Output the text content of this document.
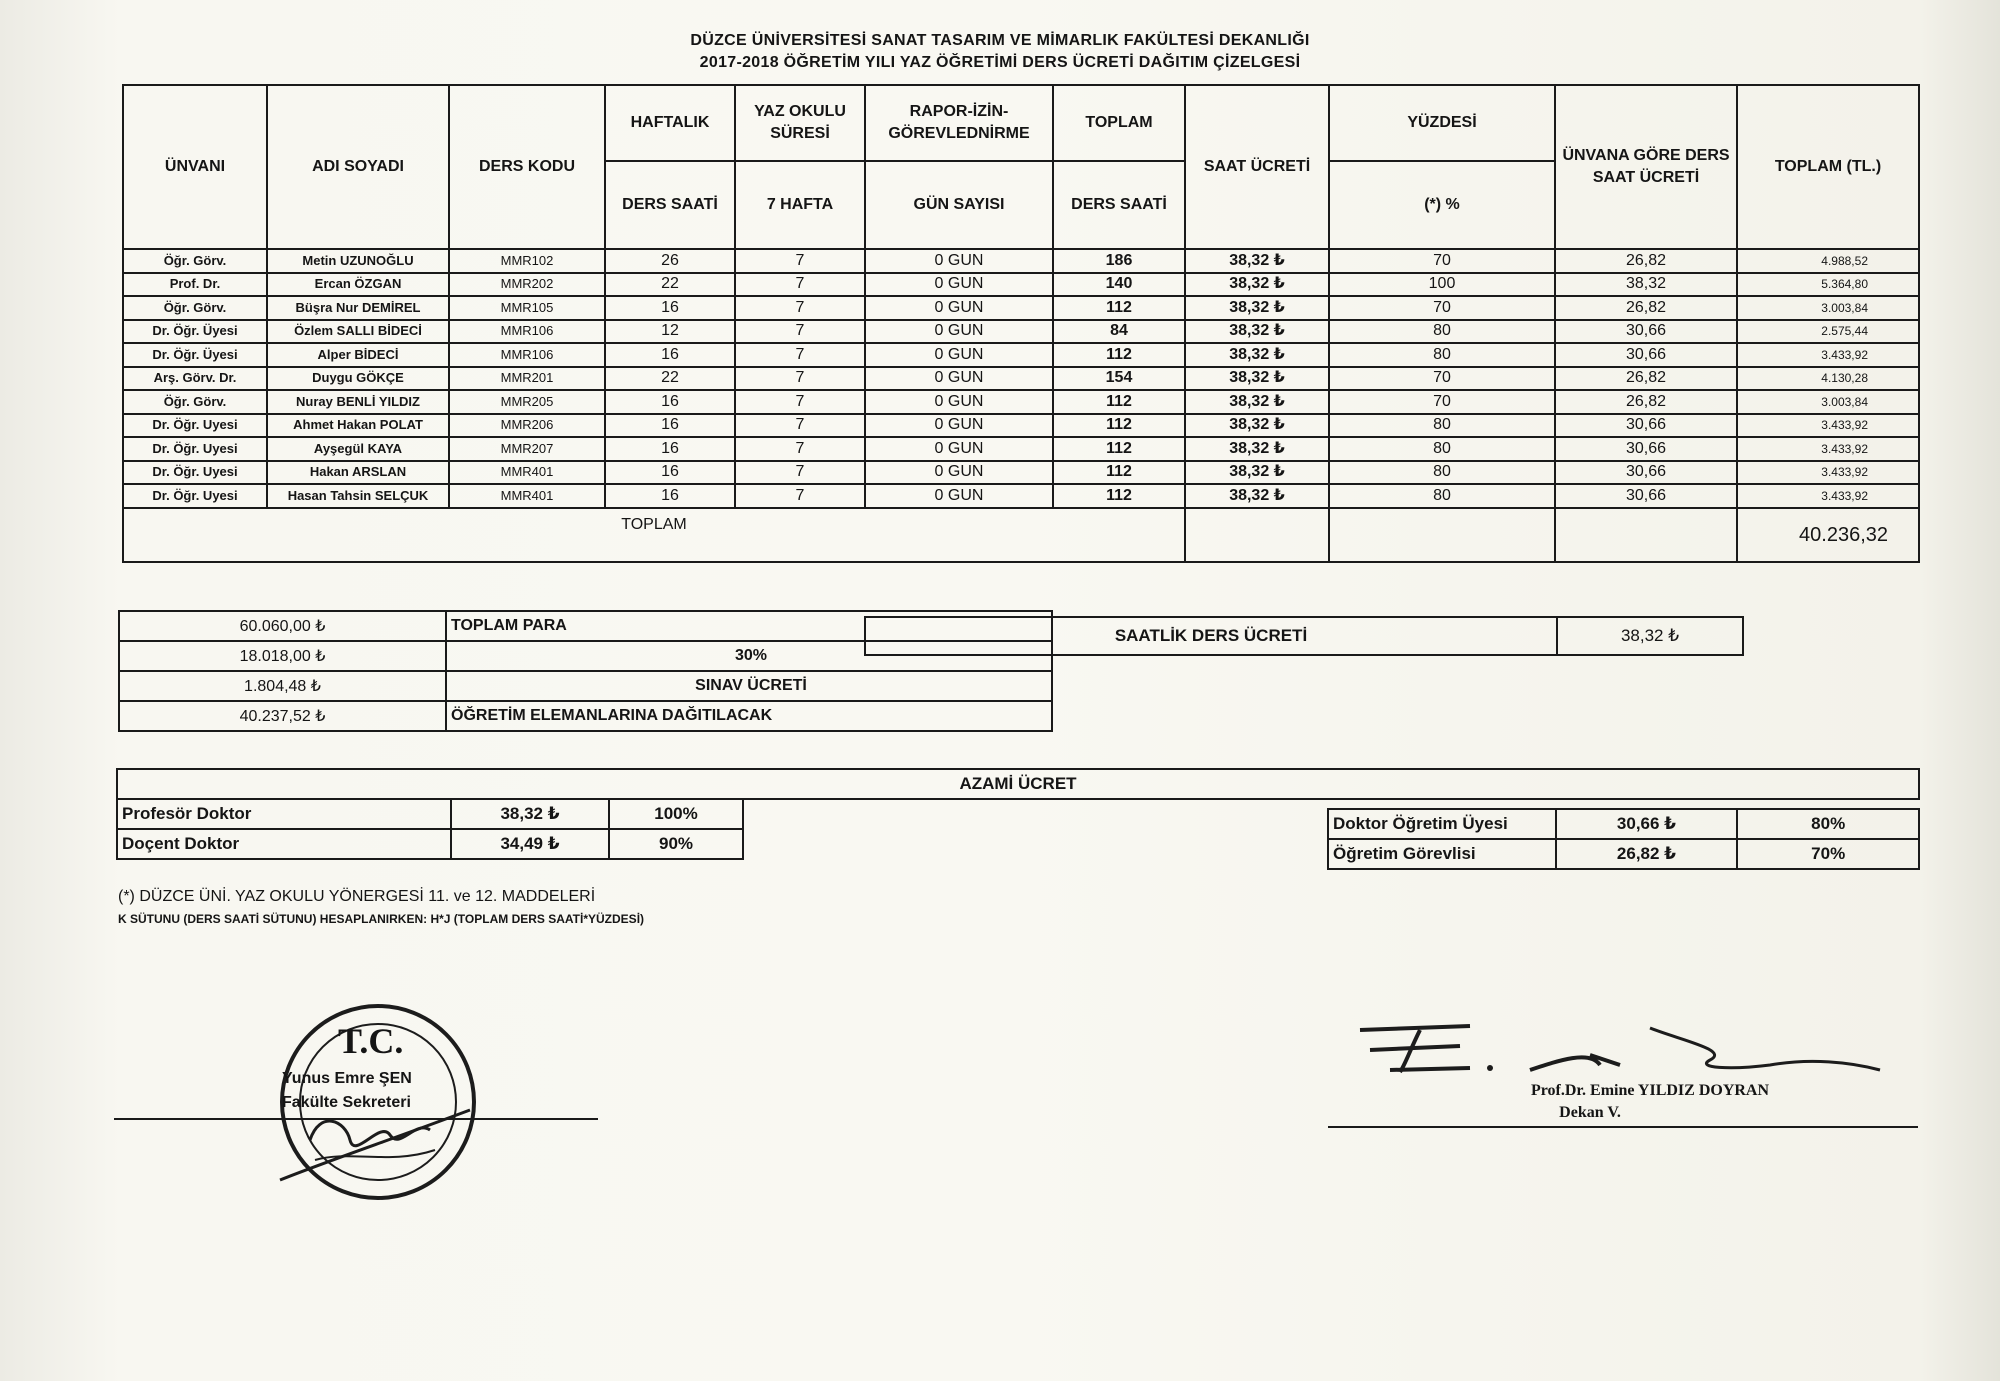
DÜZCE ÜNİVERSİTESİ SANAT TASARIM VE MİMARLIK FAKÜLTESİ DEKANLIĞI
2017-2018 ÖĞRETİM YILI YAZ ÖĞRETİMİ DERS ÜCRETİ DAĞITIM ÇİZELGESİ
ÜNVANI	ADI SOYADI	DERS KODU	HAFTALIK	YAZ OKULU SÜRESİ	RAPOR-İZİN-GÖREVLEDNİRME	TOPLAM	SAAT ÜCRETİ	YÜZDESİ	ÜNVANA GÖRE DERS SAAT ÜCRETİ	TOPLAM (TL.)
			DERS SAATİ	7 HAFTA	GÜN SAYISI	DERS SAATİ		(*) %		
Öğr. Görv.	Metin UZUNOĞLU	MMR102	26	7	0 GUN	186	38,32 ₺	70	26,82	4.988,52
Prof. Dr.	Ercan ÖZGAN	MMR202	22	7	0 GUN	140	38,32 ₺	100	38,32	5.364,80
Öğr. Görv.	Büşra Nur DEMİREL	MMR105	16	7	0 GUN	112	38,32 ₺	70	26,82	3.003,84
Dr. Öğr. Üyesi	Özlem SALLI BİDECİ	MMR106	12	7	0 GUN	84	38,32 ₺	80	30,66	2.575,44
Dr. Öğr. Üyesi	Alper BİDECİ	MMR106	16	7	0 GUN	112	38,32 ₺	80	30,66	3.433,92
Arş. Görv. Dr.	Duygu GÖKÇE	MMR201	22	7	0 GUN	154	38,32 ₺	70	26,82	4.130,28
Öğr. Görv.	Nuray BENLİ YILDIZ	MMR205	16	7	0 GUN	112	38,32 ₺	70	26,82	3.003,84
Dr. Öğr. Uyesi	Ahmet Hakan POLAT	MMR206	16	7	0 GUN	112	38,32 ₺	80	30,66	3.433,92
Dr. Öğr. Uyesi	Ayşegül KAYA	MMR207	16	7	0 GUN	112	38,32 ₺	80	30,66	3.433,92
Dr. Öğr. Uyesi	Hakan ARSLAN	MMR401	16	7	0 GUN	112	38,32 ₺	80	30,66	3.433,92
Dr. Öğr. Uyesi	Hasan Tahsin SELÇUK	MMR401	16	7	0 GUN	112	38,32 ₺	80	30,66	3.433,92
TOPLAM										40.236,32
60.060,00 ₺	TOPLAM PARA
18.018,00 ₺	30%
1.804,48 ₺	SINAV ÜCRETİ
40.237,52 ₺	ÖĞRETİM ELEMANLARINA DAĞITILACAK
SAATLİK DERS ÜCRETİ	38,32 ₺
AZAMİ ÜCRET
Profesör Doktor	38,32 ₺	100%
Doçent Doktor	34,49 ₺	90%
Doktor Öğretim Üyesi	30,66 ₺	80%
Öğretim Görevlisi	26,82 ₺	70%
(*) DÜZCE ÜNİ. YAZ OKULU YÖNERGESİ 11. ve 12. MADDELERİ
K SÜTUNU (DERS SAATİ SÜTUNU) HESAPLANIRKEN: H*J (TOPLAM DERS SAATİ*YÜZDESİ)
T.C.
Yunus Emre ŞEN
Fakülte Sekreteri
Prof.Dr. Emine YILDIZ DOYRAN
Dekan V.
